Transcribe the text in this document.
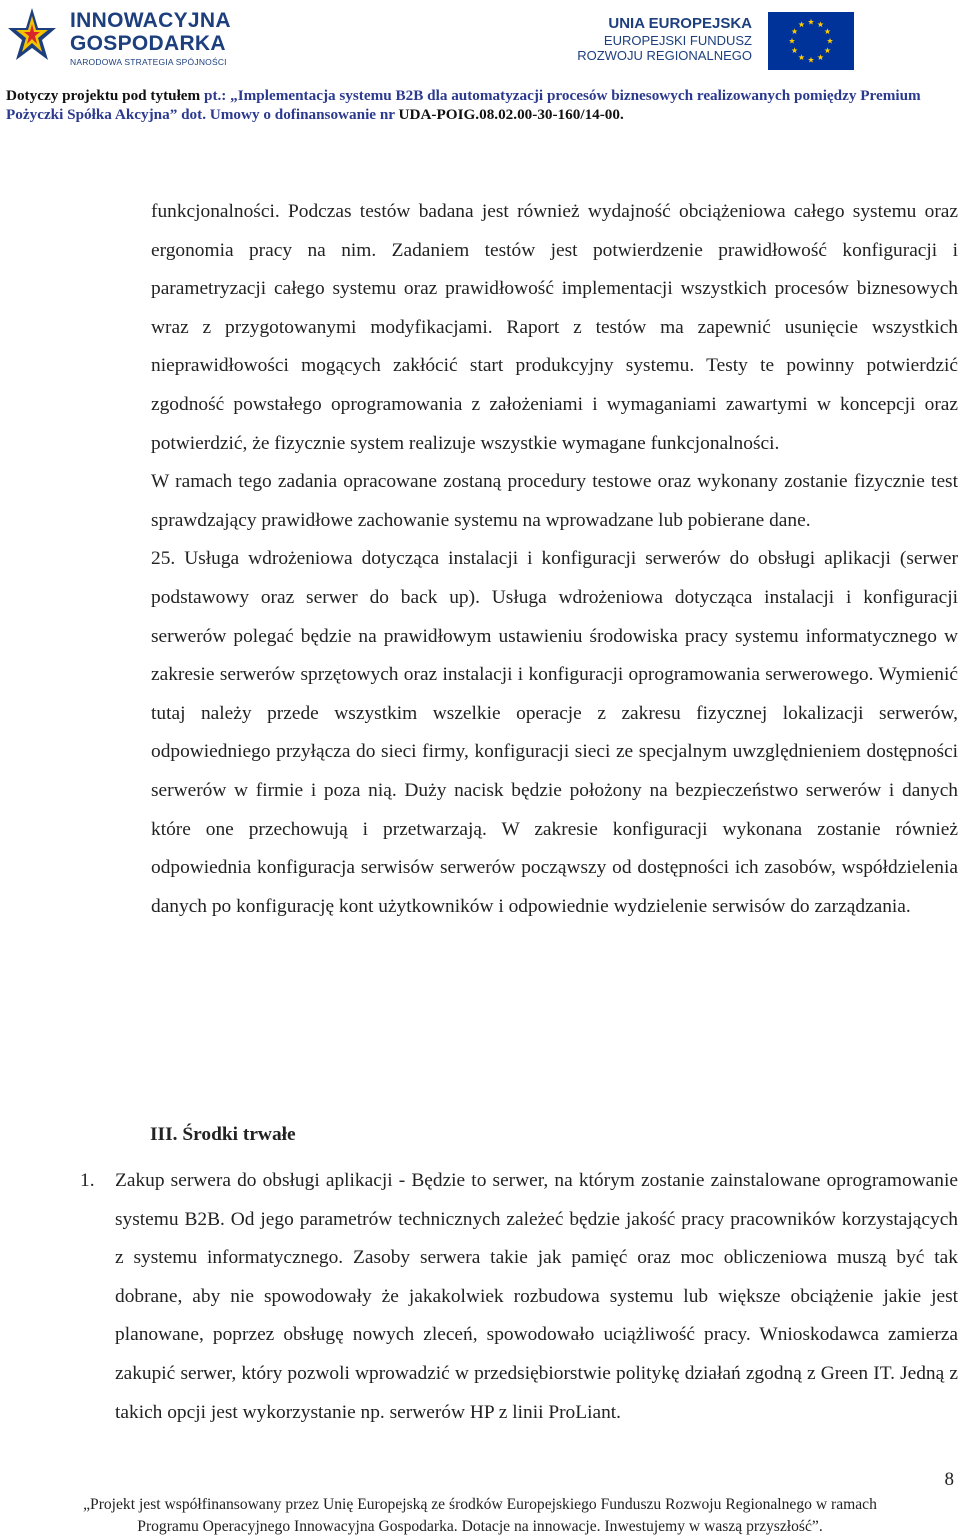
INNOWACYJNA
GOSPODARKA
NARODOWA STRATEGIA SPÓJNOŚCI
UNIA EUROPEJSKA
EUROPEJSKI FUNDUSZ
ROZWOJU REGIONALNEGO
Dotyczy projektu pod tytułem pt.: „Implementacja systemu B2B dla automatyzacji procesów biznesowych realizowanych pomiędzy Premium
Pożyczki Spółka Akcyjna” dot. Umowy o dofinansowanie nr UDA-POIG.08.02.00-30-160/14-00.

funkcjonalności. Podczas testów badana jest również wydajność obciążeniowa całego systemu oraz ergonomia pracy na nim. Zadaniem testów jest potwierdzenie prawidłowość konfiguracji i parametryzacji całego systemu oraz prawidłowość implementacji wszystkich procesów biznesowych wraz z przygotowanymi modyfikacjami. Raport z testów ma zapewnić usunięcie wszystkich nieprawidłowości mogących zakłócić start produkcyjny systemu. Testy te powinny potwierdzić zgodność powstałego oprogramowania z założeniami i wymaganiami zawartymi w koncepcji oraz potwierdzić, że fizycznie system realizuje wszystkie wymagane funkcjonalności.

W ramach tego zadania opracowane zostaną procedury testowe oraz wykonany zostanie fizycznie test sprawdzający prawidłowe zachowanie systemu na wprowadzane lub pobierane dane.

25. Usługa wdrożeniowa dotycząca instalacji i konfiguracji serwerów do obsługi aplikacji (serwer podstawowy oraz serwer do back up). Usługa wdrożeniowa dotycząca instalacji i konfiguracji serwerów polegać będzie na prawidłowym ustawieniu środowiska pracy systemu informatycznego w zakresie serwerów sprzętowych oraz instalacji i konfiguracji oprogramowania serwerowego. Wymienić tutaj należy przede wszystkim wszelkie operacje z zakresu fizycznej lokalizacji serwerów, odpowiedniego przyłącza do sieci firmy, konfiguracji sieci ze specjalnym uwzględnieniem dostępności serwerów w firmie i poza nią. Duży nacisk będzie położony na bezpieczeństwo serwerów i danych które one przechowują i przetwarzają. W zakresie konfiguracji wykonana zostanie również odpowiednia konfiguracja serwisów serwerów począwszy od dostępności ich zasobów, współdzielenia danych po konfigurację kont użytkowników i odpowiednie wydzielenie serwisów do zarządzania.

III. Środki trwałe
1. Zakup serwera do obsługi aplikacji - Będzie to serwer, na którym zostanie zainstalowane oprogramowanie systemu B2B. Od jego parametrów technicznych zależeć będzie jakość pracy pracowników korzystających z systemu informatycznego. Zasoby serwera takie jak pamięć oraz moc obliczeniowa muszą być tak dobrane, aby nie spowodowały że jakakolwiek rozbudowa systemu lub większe obciążenie jakie jest planowane, poprzez obsługę nowych zleceń, spowodowało uciążliwość pracy. Wnioskodawca zamierza zakupić serwer, który pozwoli wprowadzić w przedsiębiorstwie politykę działań zgodną z Green IT. Jedną z takich opcji jest wykorzystanie np. serwerów HP z linii ProLiant.
8
„Projekt jest współfinansowany przez Unię Europejską ze środków Europejskiego Funduszu Rozwoju Regionalnego w ramach
Programu Operacyjnego Innowacyjna Gospodarka. Dotacje na innowacje. Inwestujemy w waszą przyszłość”.
